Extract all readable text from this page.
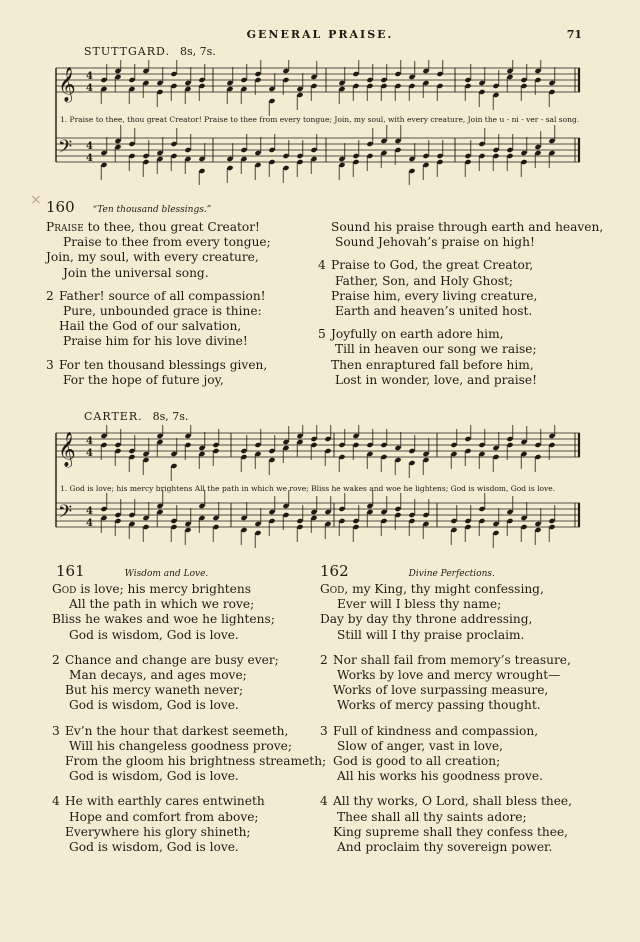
GENERAL PRAISE.	71
STUTTGARD. 8s, 7s.
𝄞 4
4
𝄢 4
4
1. Praise to thee, thou great Creator! Praise to thee from every tongue; Join, my soul, with every creature, Join the u - ni - ver - sal song.
× 160 “Ten thousand blessings.”
Praise to thee, thou great Creator!
Praise to thee from every tongue;
Join, my soul, with every creature,
Join the universal song.
2 Father! source of all compassion!
Pure, unbounded grace is thine:
Hail the God of our salvation,
Praise him for his love divine!
3 For ten thousand blessings given,
For the hope of future joy,
Sound his praise through earth and heaven,
Sound Jehovah’s praise on high!
4 Praise to God, the great Creator,
Father, Son, and Holy Ghost;
Praise him, every living creature,
Earth and heaven’s united host.
5 Joyfully on earth adore him,
Till in heaven our song we raise;
Then enraptured fall before him,
Lost in wonder, love, and praise!
CARTER. 8s, 7s.
𝄞 4
4
𝄢 4
4
1. God is love; his mercy brightens All the path in which we rove; Bliss he wakes and woe he lightens; God is wisdom, God is love.
161	Wisdom and Love.
God is love; his mercy brightens
All the path in which we rove;
Bliss he wakes and woe he lightens;
God is wisdom, God is love.
2 Chance and change are busy ever;
Man decays, and ages move;
But his mercy waneth never;
God is wisdom, God is love.
3 Ev’n the hour that darkest seemeth,
Will his changeless goodness prove;
From the gloom his brightness streameth;
God is wisdom, God is love.
4 He with earthly cares entwineth
Hope and comfort from above;
Everywhere his glory shineth;
God is wisdom, God is love.
162	Divine Perfections.
God, my King, thy might confessing,
Ever will I bless thy name;
Day by day thy throne addressing,
Still will I thy praise proclaim.
2 Nor shall fail from memory’s treasure,
Works by love and mercy wrought—
Works of love surpassing measure,
Works of mercy passing thought.
3 Full of kindness and compassion,
Slow of anger, vast in love,
God is good to all creation;
All his works his goodness prove.
4 All thy works, O Lord, shall bless thee,
Thee shall all thy saints adore;
King supreme shall they confess thee,
And proclaim thy sovereign power.
